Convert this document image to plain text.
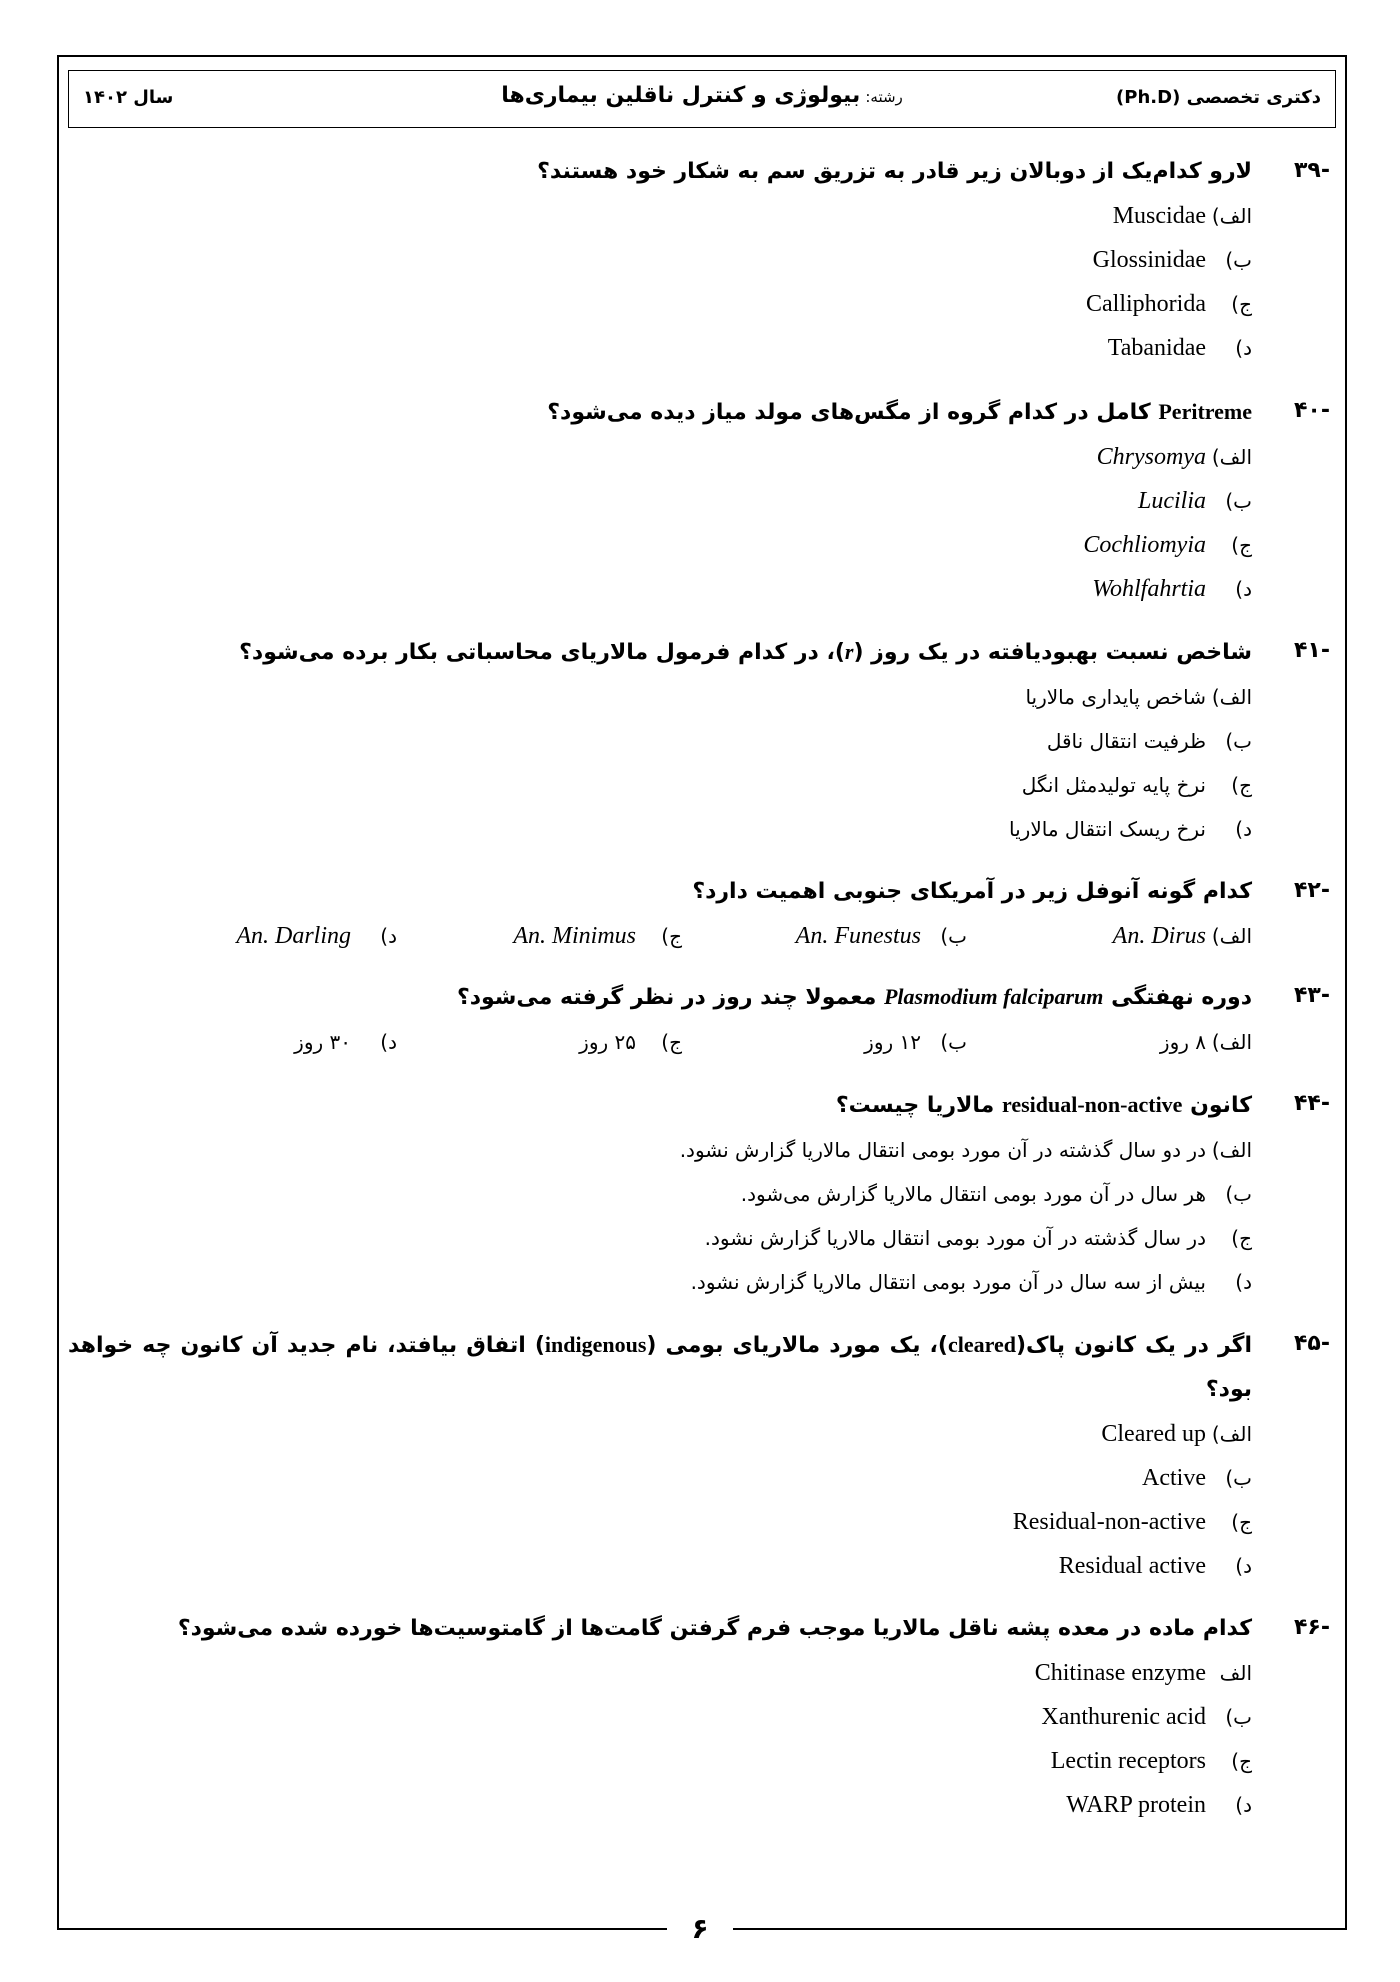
سال ۱۴۰۲	رشته: بیولوژی و کنترل ناقلین بیماری‌ها	دکتری تخصصی (Ph.D)
-۳۹
لارو کدام‌یک از دوبالان زیر قادر به تزریق سم به شکار خود هستند؟
الف)
Muscidae
ب)
Glossinidae
ج)
Calliphorida
د)
Tabanidae
-۴۰
Peritreme کامل در کدام گروه از مگس‌های مولد میاز دیده می‌شود؟
الف)
Chrysomya
ب)
Lucilia
ج)
Cochliomyia
د)
Wohlfahrtia
-۴۱
شاخص نسبت بهبودیافته در یک روز (r)، در کدام فرمول مالاریای محاسباتی بکار برده می‌شود؟
الف)
شاخص پایداری مالاریا
ب)
ظرفیت انتقال ناقل
ج)
نرخ پایه تولیدمثل انگل
د)
نرخ ریسک انتقال مالاریا
-۴۲
کدام گونه آنوفل زیر در آمریکای جنوبی اهمیت دارد؟
الف)
An. Dirus
ب)
An. Funestus
ج)
An. Minimus
د)
An. Darling
-۴۳
دوره نهفتگی Plasmodium falciparum معمولا چند روز در نظر گرفته می‌شود؟
الف)
۸ روز
ب)
۱۲ روز
ج)
۲۵ روز
د)
۳۰ روز
-۴۴
کانون residual-non-active مالاریا چیست؟
الف)
در دو سال گذشته در آن مورد بومی انتقال مالاریا گزارش نشود.
ب)
هر سال در آن مورد بومی انتقال مالاریا گزارش می‌شود.
ج)
در سال گذشته در آن مورد بومی انتقال مالاریا گزارش نشود.
د)
بیش از سه سال در آن مورد بومی انتقال مالاریا گزارش نشود.
-۴۵
اگر در یک کانون پاک(cleared)، یک مورد مالاریای بومی (indigenous) اتفاق بیافتد، نام جدید آن کانون چه خواهد بود؟
الف)
Cleared up
ب)
Active
ج)
Residual-non-active
د)
Residual active
-۴۶
کدام ماده در معده پشه ناقل مالاریا موجب فرم گرفتن گامت‌ها از گامتوسیت‌ها خورده شده می‌شود؟
الف
Chitinase enzyme
ب)
Xanthurenic acid
ج)
Lectin receptors
د)
WARP protein
۶
